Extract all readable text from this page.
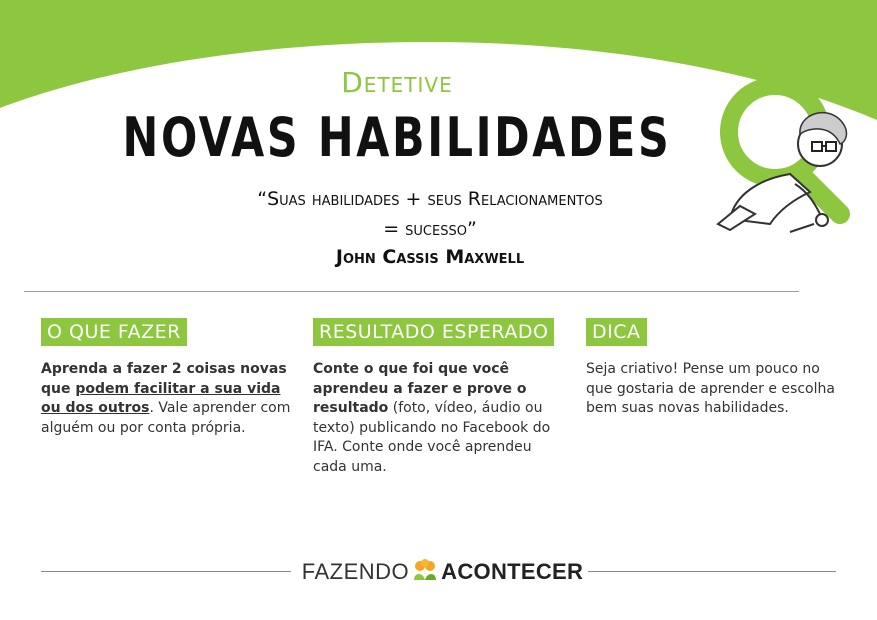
Detetive
NOVAS HABILIDADES
“Suas habilidades + seus Relacionamentos
= sucesso”
John Cassis Maxwell
O QUE FAZER
Aprenda a fazer 2 coisas novas que podem facilitar a sua vida ou dos outros. Vale aprender com alguém ou por conta própria.
RESULTADO ESPERADO
Conte o que foi que você aprendeu a fazer e prove o resultado (foto, vídeo, áudio ou texto) publicando no Facebook do IFA. Conte onde você aprendeu cada uma.
DICA
Seja criativo! Pense um pouco no que gostaria de aprender e escolha bem suas novas habilidades.
FAZENDO ACONTECER
